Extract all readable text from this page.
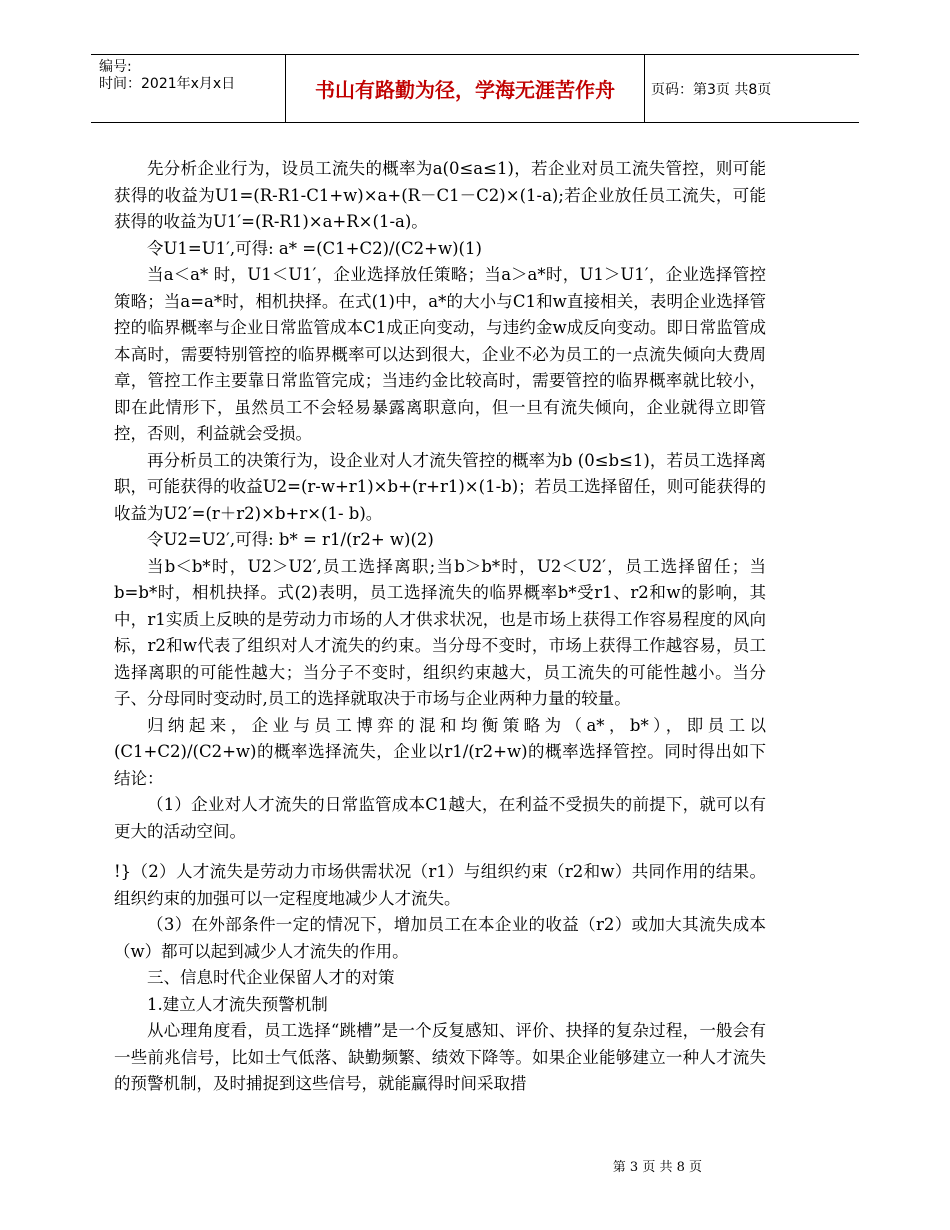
编号:
时间：2021年x月x日	书山有路勤为径，学海无涯苦作舟	页码：第3页 共8页

先分析企业行为，设员工流失的概率为a(0≤a≤1)，若企业对员工流失管控，则可能获得的收益为U1=(R-R1-C1+w)×a+(R－C1－C2)×(1-a);若企业放任员工流失，可能获得的收益为U1′=(R-R1)×a+R×(1-a)。

令U1=U1′,可得: a* =(C1+C2)/(C2+w)(1)

当a＜a* 时，U1＜U1′，企业选择放任策略；当a＞a*时，U1＞U1′，企业选择管控策略；当a=a*时，相机抉择。在式(1)中，a*的大小与C1和w直接相关，表明企业选择管控的临界概率与企业日常监管成本C1成正向变动，与违约金w成反向变动。即日常监管成本高时，需要特别管控的临界概率可以达到很大，企业不必为员工的一点流失倾向大费周章，管控工作主要靠日常监管完成；当违约金比较高时，需要管控的临界概率就比较小，即在此情形下，虽然员工不会轻易暴露离职意向，但一旦有流失倾向，企业就得立即管控，否则，利益就会受损。

再分析员工的决策行为，设企业对人才流失管控的概率为b (0≤b≤1)，若员工选择离职，可能获得的收益U2=(r-w+r1)×b+(r+r1)×(1-b)；若员工选择留任，则可能获得的收益为U2′=(r＋r2)×b+r×(1- b)。

令U2=U2′,可得: b* = r1/(r2+ w)(2)

当b＜b*时，U2＞U2′,员工选择离职;当b＞b*时，U2＜U2′，员工选择留任；当b=b*时，相机抉择。式(2)表明，员工选择流失的临界概率b*受r1、r2和w的影响，其中，r1实质上反映的是劳动力市场的人才供求状况，也是市场上获得工作容易程度的风向标，r2和w代表了组织对人才流失的约束。当分母不变时，市场上获得工作越容易，员工选择离职的可能性越大；当分子不变时，组织约束越大，员工流失的可能性越小。当分子、分母同时变动时,员工的选择就取决于市场与企业两种力量的较量。

归纳起来，企业与员工博弈的混和均衡策略为（a*，b*），即员工以(C1+C2)/(C2+w)的概率选择流失，企业以r1/(r2+w)的概率选择管控。同时得出如下结论：

（1）企业对人才流失的日常监管成本C1越大，在利益不受损失的前提下，就可以有更大的活动空间。

!}（2）人才流失是劳动力市场供需状况（r1）与组织约束（r2和w）共同作用的结果。组织约束的加强可以一定程度地减少人才流失。

（3）在外部条件一定的情况下，增加员工在本企业的收益（r2）或加大其流失成本（w）都可以起到减少人才流失的作用。

三、信息时代企业保留人才的对策

1.建立人才流失预警机制

从心理角度看，员工选择“跳槽”是一个反复感知、评价、抉择的复杂过程，一般会有一些前兆信号，比如士气低落、缺勤频繁、绩效下降等。如果企业能够建立一种人才流失的预警机制，及时捕捉到这些信号，就能赢得时间采取措

第 3 页 共 8 页
